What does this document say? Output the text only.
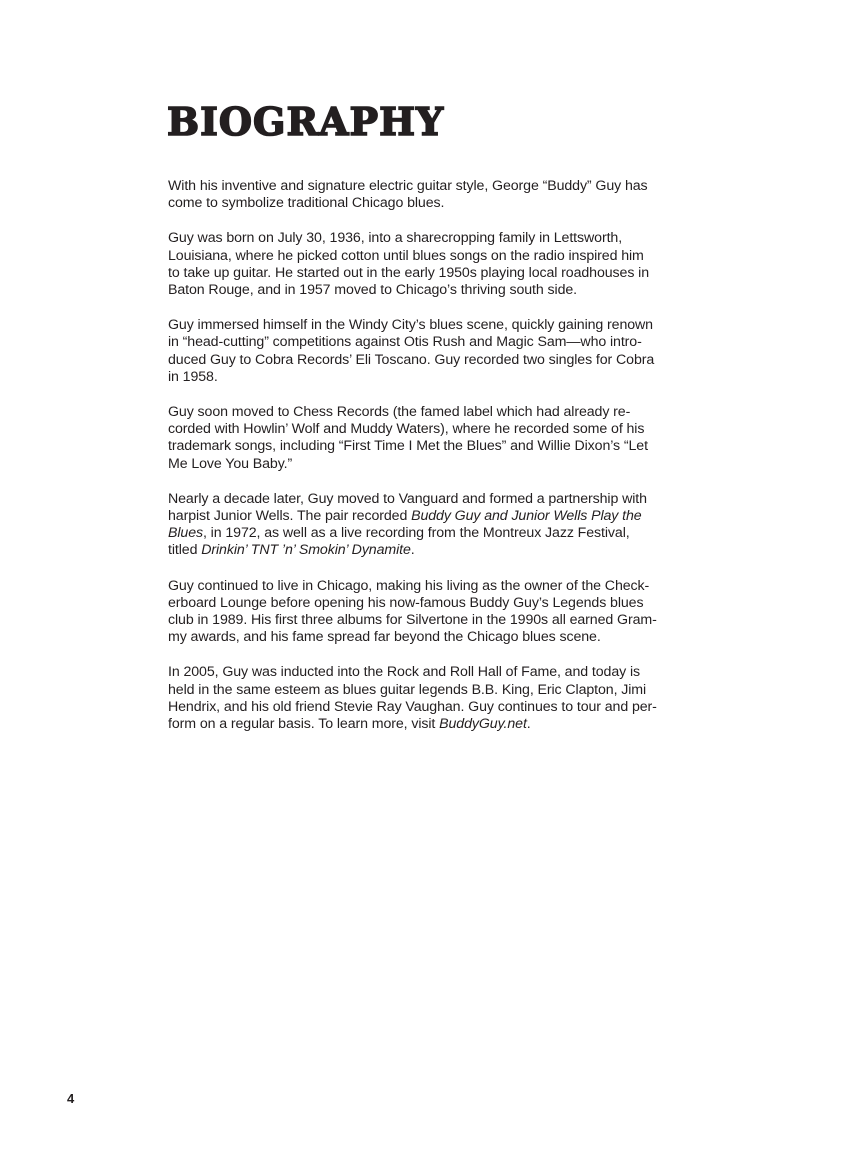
BIOGRAPHY

With his inventive and signature electric guitar style, George “Buddy” Guy has
come to symbolize traditional Chicago blues.

Guy was born on July 30, 1936, into a sharecropping family in Lettsworth,
Louisiana, where he picked cotton until blues songs on the radio inspired him
to take up guitar. He started out in the early 1950s playing local roadhouses in
Baton Rouge, and in 1957 moved to Chicago’s thriving south side.

Guy immersed himself in the Windy City’s blues scene, quickly gaining renown
in “head-cutting” competitions against Otis Rush and Magic Sam—who intro-
duced Guy to Cobra Records’ Eli Toscano. Guy recorded two singles for Cobra
in 1958.

Guy soon moved to Chess Records (the famed label which had already re-
corded with Howlin’ Wolf and Muddy Waters), where he recorded some of his
trademark songs, including “First Time I Met the Blues” and Willie Dixon’s “Let
Me Love You Baby.”

Nearly a decade later, Guy moved to Vanguard and formed a partnership with
harpist Junior Wells. The pair recorded Buddy Guy and Junior Wells Play the
Blues, in 1972, as well as a live recording from the Montreux Jazz Festival,
titled Drinkin’ TNT ’n’ Smokin’ Dynamite.

Guy continued to live in Chicago, making his living as the owner of the Check-
erboard Lounge before opening his now-famous Buddy Guy’s Legends blues
club in 1989. His first three albums for Silvertone in the 1990s all earned Gram-
my awards, and his fame spread far beyond the Chicago blues scene.

In 2005, Guy was inducted into the Rock and Roll Hall of Fame, and today is
held in the same esteem as blues guitar legends B.B. King, Eric Clapton, Jimi
Hendrix, and his old friend Stevie Ray Vaughan. Guy continues to tour and per-
form on a regular basis. To learn more, visit BuddyGuy.net.

4
